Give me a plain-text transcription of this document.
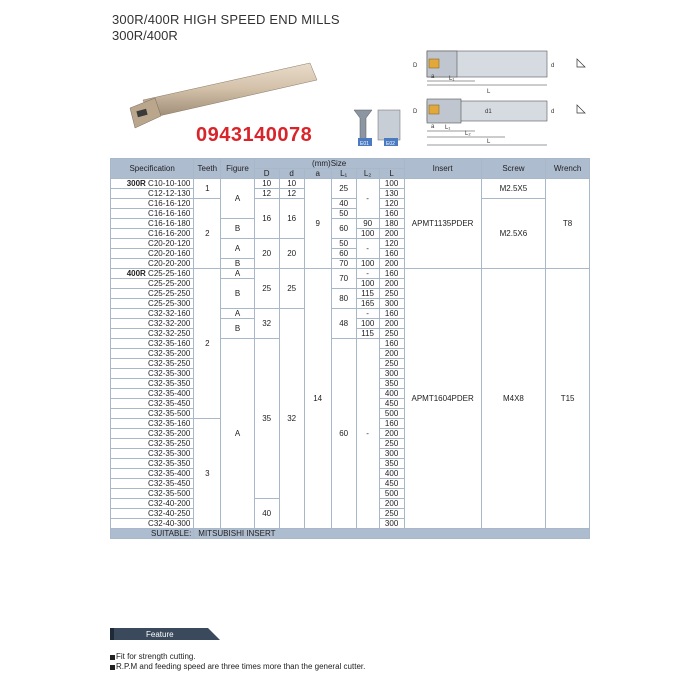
300R/400R HIGH SPEED END MILLS
300R/400R
0943140078	E01	E02
D	d
a L₁
L
D	d
d1
a L₁
L₂
L
Specification	Teeth	Figure	(mm)Size						Insert	Screw	Wrench
			D	d	a	L₁	L₂	L			
300R C10-10-100	1	A	10	10	9	25	-	100	APMT1135PDER	M2.5X5	T8
C12-12-130			12	12				130			
C16-16-120	2		16	16		40		120		M2.5X6	
C16-16-160						50		160			
C16-16-180		B				60	90	180			
C16-16-200							100	200			
C20-20-120		A	20	20		50	-	120			
C20-20-160						60		160			
C20-20-200		B				70	100	200			
400R C25-25-160	2	A	25	25	14	70	-	160	APMT1604PDER	M4X8	T15
C25-25-200		B					100	200			
C25-25-250						80	115	250			
C25-25-300							165	300			
C32-32-160		A	32	32		48	-	160			
C32-32-200		B					100	200			
C32-32-250							115	250			
C32-35-160		A	35			60	-	160			
C32-35-200								200			
C32-35-250								250			
C32-35-300								300			
C32-35-350								350			
C32-35-400								400			
C32-35-450								450			
C32-35-500								500			
C32-35-160	3							160			
C32-35-200								200			
C32-35-250								250			
C32-35-300								300			
C32-35-350								350			
C32-35-400								400			
C32-35-450								450			
C32-35-500								500			
C32-40-200			40					200			
C32-40-250								250			
C32-40-300								300			
SUITABLE:	MITSUBISHI INSERT										
Feature
Fit for strength cutting.
R.P.M and feeding speed are three times more than the general cutter.
